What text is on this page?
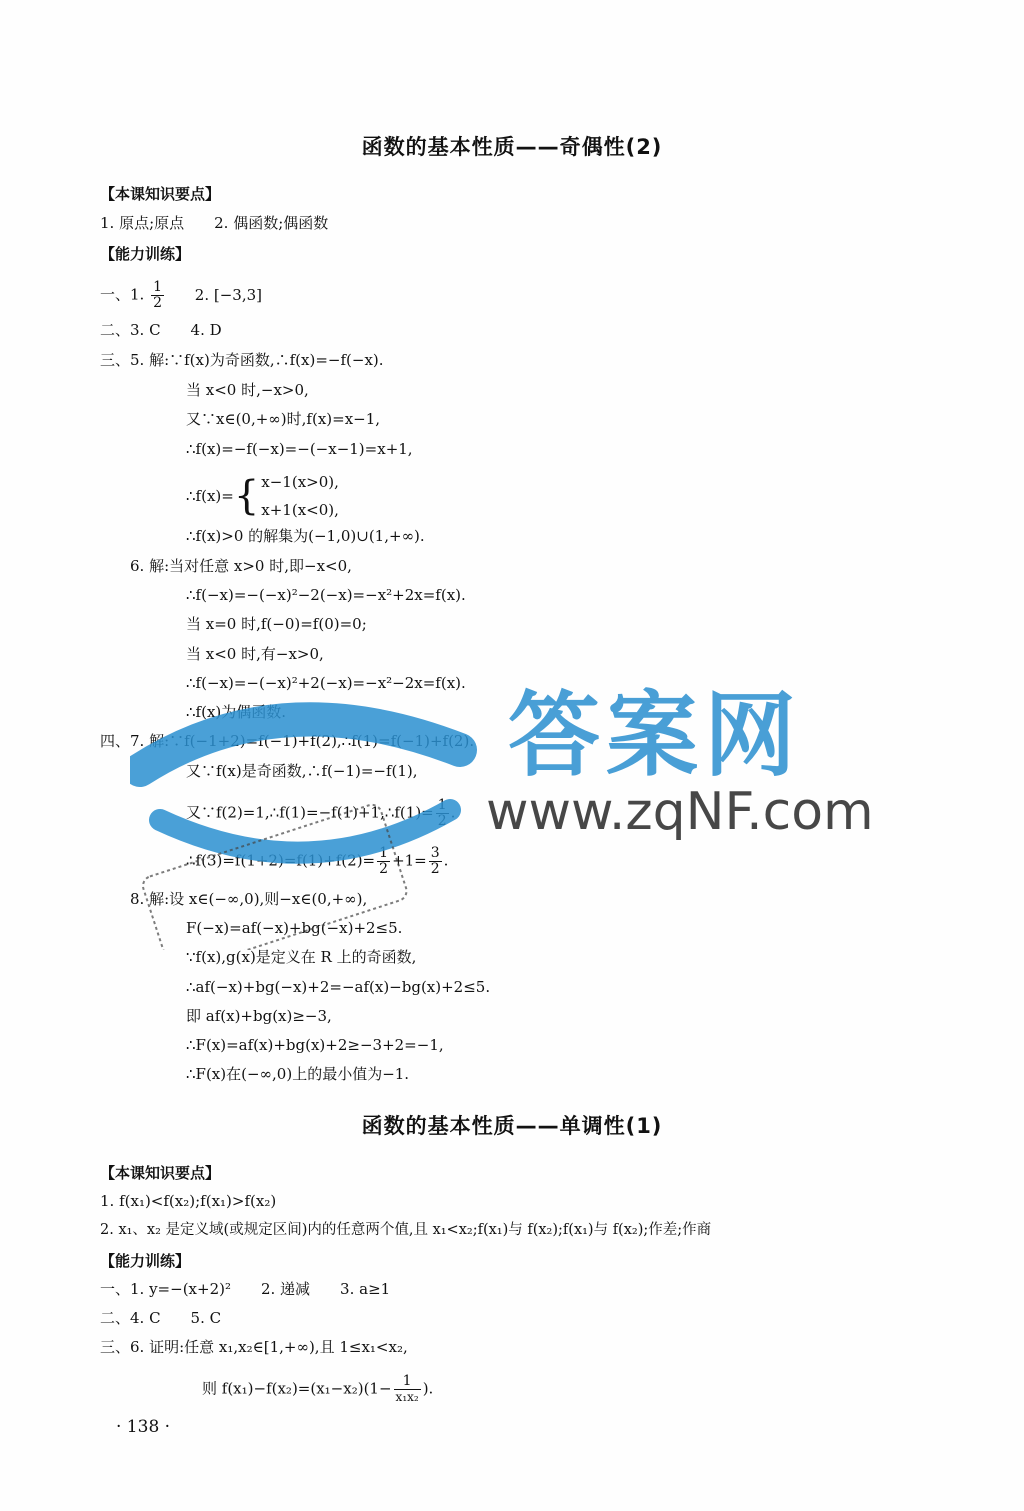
函数的基本性质——奇偶性(2)
【本课知识要点】
1. 原点;原点　　2. 偶函数;偶函数
【能力训练】
一、1. $\frac{1}{2} 2$. [−3,3]
二、3. C　　4. D
三、5. 解:∵f(x)为奇函数,∴f(x)=−f(−x).
当 x<0 时,−x>0,
又∵x∈(0,+∞)时,f(x)=x−1,
∴f(x)=−f(−x)=−(−x−1)=x+1,
∴f(x)={ x−1(x>0),
x+1(x<0),
∴f(x)>0 的解集为(−1,0)∪(1,+∞).
6. 解:当对任意 x>0 时,即−x<0,
∴f(−x)=−(−x)²−2(−x)=−x²+2x=f(x).
当 x=0 时,f(−0)=f(0)=0;
当 x<0 时,有−x>0,
∴f(−x)=−(−x)²+2(−x)=−x²−2x=f(x).
∴f(x)为偶函数.
四、7. 解:∵f(−1+2)=f(−1)+f(2),∴f(1)=f(−1)+f(2).
又∵f(x)是奇函数,∴f(−1)=−f(1),
又∵f(2)=1,∴f(1)=−f(1)+1,∴f(1)= $\frac{1}{2}$ .
∴f(3)=f(1+2)=f(1)+f(2)= $\frac{1}{2} +1= \frac{3}{2}$ .
8. 解:设 x∈(−∞,0),则−x∈(0,+∞),
F(−x)=af(−x)+bg(−x)+2≤5.
∵f(x),g(x)是定义在 R 上的奇函数,
∴af(−x)+bg(−x)+2=−af(x)−bg(x)+2≤5.
即 af(x)+bg(x)≥−3,
∴F(x)=af(x)+bg(x)+2≥−3+2=−1,
∴F(x)在(−∞,0)上的最小值为−1.
函数的基本性质——单调性(1)
【本课知识要点】
1. f(x₁)<f(x₂);f(x₁)>f(x₂)
2. x₁、x₂ 是定义域(或规定区间)内的任意两个值,且 x₁<x₂;f(x₁)与 f(x₂);f(x₁)与 f(x₂);作差;作商
【能力训练】
一、1. y=−(x+2)²　　2. 递减　　3. a≥1
二、4. C　　5. C
三、6. 证明:任意 x₁,x₂∈[1,+∞),且 1≤x₁<x₂,
则 $f(x_1)-f(x_2)=(x_1-x_2)(1- \frac{1}{\text{x₁x₂}}$ ).
答案网
www.zqNF.com
· 138 ·
